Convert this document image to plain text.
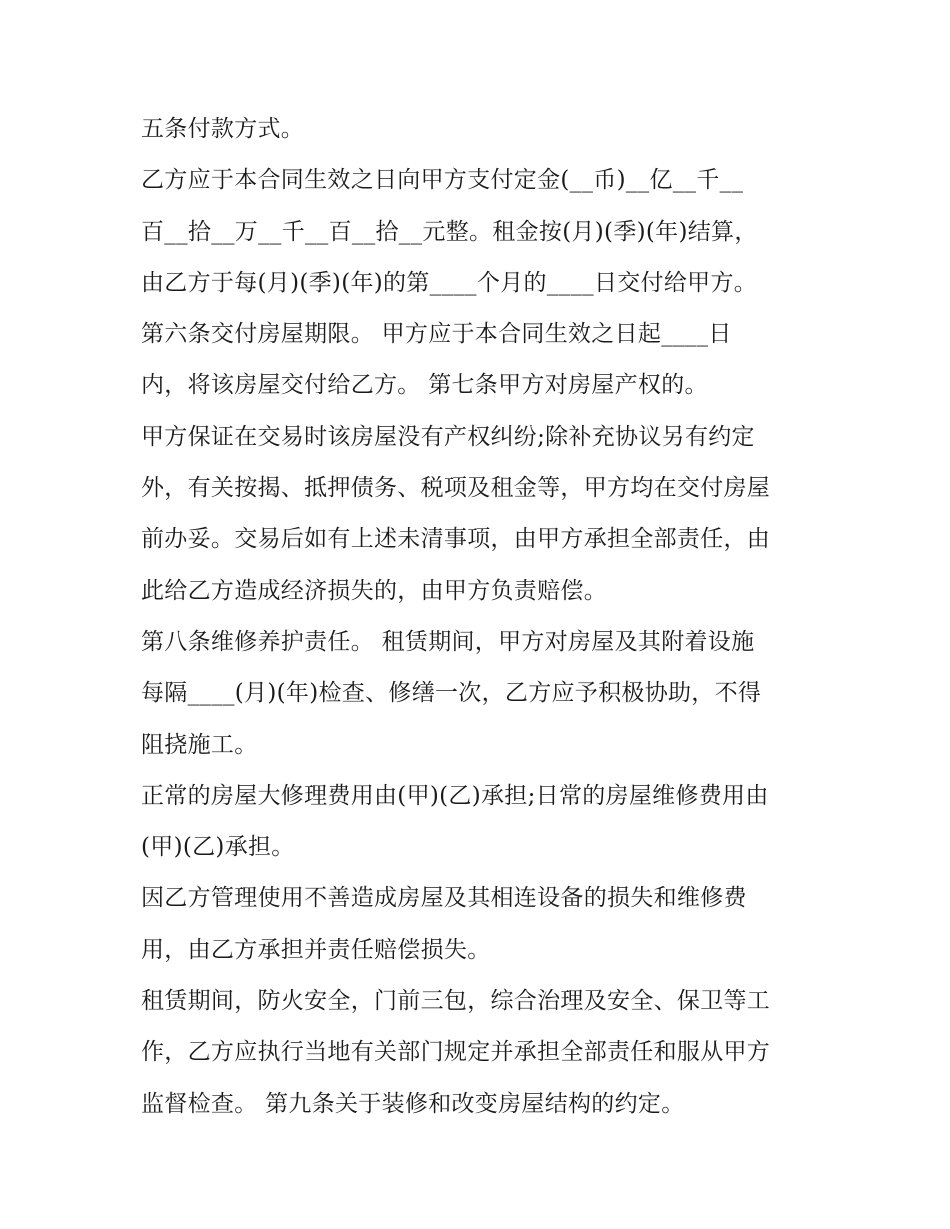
五条付款方式。
乙方应于本合同生效之日向甲方支付定金(__币)__亿__千__
百__拾__万__千__百__拾__元整。租金按(月)(季)(年)结算，
由乙方于每(月)(季)(年)的第____个月的____日交付给甲方。
第六条交付房屋期限。 甲方应于本合同生效之日起____日
内，将该房屋交付给乙方。 第七条甲方对房屋产权的。
甲方保证在交易时该房屋没有产权纠纷;除补充协议另有约定
外，有关按揭、抵押债务、税项及租金等，甲方均在交付房屋
前办妥。交易后如有上述未清事项，由甲方承担全部责任，由
此给乙方造成经济损失的，由甲方负责赔偿。
第八条维修养护责任。 租赁期间，甲方对房屋及其附着设施
每隔____(月)(年)检查、修缮一次，乙方应予积极协助，不得
阻挠施工。
正常的房屋大修理费用由(甲)(乙)承担;日常的房屋维修费用由
(甲)(乙)承担。
因乙方管理使用不善造成房屋及其相连设备的损失和维修费
用，由乙方承担并责任赔偿损失。
租赁期间，防火安全，门前三包，综合治理及安全、保卫等工
作，乙方应执行当地有关部门规定并承担全部责任和服从甲方
监督检查。 第九条关于装修和改变房屋结构的约定。
